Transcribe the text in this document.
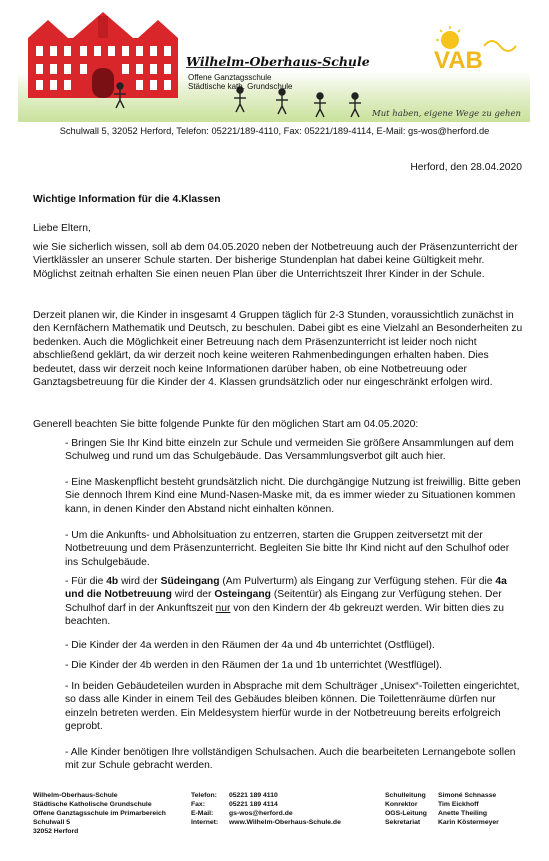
Wilhelm-Oberhaus-Schule
Offene Ganztagsschule
Städtische kath. Grundschule
VAB
Mut haben, eigene Wege zu gehen
Schulwall 5, 32052 Herford, Telefon: 05221/189-4110, Fax: 05221/189-4114, E-Mail: gs-wos@herford.de
Herford, den 28.04.2020
Wichtige Information für die 4.Klassen
Liebe Eltern,
wie Sie sicherlich wissen, soll ab dem 04.05.2020 neben der Notbetreuung auch der Präsenzunterricht der Viertklässler an unserer Schule starten. Der bisherige Stundenplan hat dabei keine Gültigkeit mehr. Möglichst zeitnah erhalten Sie einen neuen Plan über die Unterrichtszeit Ihrer Kinder in der Schule.
Derzeit planen wir, die Kinder in insgesamt 4 Gruppen täglich für 2-3 Stunden, voraussichtlich zunächst in den Kernfächern Mathematik und Deutsch, zu beschulen. Dabei gibt es eine Vielzahl an Besonderheiten zu bedenken. Auch die Möglichkeit einer Betreuung nach dem Präsenzunterricht ist leider noch nicht abschließend geklärt, da wir derzeit noch keine weiteren Rahmenbedingungen erhalten haben. Dies bedeutet, dass wir derzeit noch keine Informationen darüber haben, ob eine Notbetreuung oder Ganztagsbetreuung für die Kinder der 4. Klassen grundsätzlich oder nur eingeschränkt erfolgen wird.
Generell beachten Sie bitte folgende Punkte für den möglichen Start am 04.05.2020:
- Bringen Sie Ihr Kind bitte einzeln zur Schule und vermeiden Sie größere Ansammlungen auf dem Schulweg und rund um das Schulgebäude. Das Versammlungsverbot gilt auch hier.
- Eine Maskenpflicht besteht grundsätzlich nicht. Die durchgängige Nutzung ist freiwillig. Bitte geben Sie dennoch Ihrem Kind eine Mund-Nasen-Maske mit, da es immer wieder zu Situationen kommen kann, in denen Kinder den Abstand nicht einhalten können.
- Um die Ankunfts- und Abholsituation zu entzerren, starten die Gruppen zeitversetzt mit der Notbetreuung und dem Präsenzunterricht. Begleiten Sie bitte Ihr Kind nicht auf den Schulhof oder ins Schulgebäude.
- Für die 4b wird der Südeingang (Am Pulverturm) als Eingang zur Verfügung stehen. Für die 4a und die Notbetreuung wird der Osteingang (Seitentür) als Eingang zur Verfügung stehen. Der Schulhof darf in der Ankunftszeit nur von den Kindern der 4b gekreuzt werden. Wir bitten dies zu beachten.
- Die Kinder der 4a werden in den Räumen der 4a und 4b unterrichtet (Ostflügel).
- Die Kinder der 4b werden in den Räumen der 1a und 1b unterrichtet (Westflügel).
- In beiden Gebäudeteilen wurden in Absprache mit dem Schulträger „Unisex“-Toiletten eingerichtet, so dass alle Kinder in einem Teil des Gebäudes bleiben können. Die Toilettenräume dürfen nur einzeln betreten werden. Ein Meldesystem hierfür wurde in der Notbetreuung bereits erfolgreich geprobt.
- Alle Kinder benötigen Ihre vollständigen Schulsachen. Auch die bearbeiteten Lernangebote sollen mit zur Schule gebracht werden.
Wilhelm-Oberhaus-Schule
Städtische Katholische Grundschule
Offene Ganztagsschule im Primarbereich
Schulwall 5
32052 Herford
Telefon:
Fax:
E-Mail:
Internet:
05221 189 4110
05221 189 4114
gs-wos@herford.de
www.Wilhelm-Oberhaus-Schule.de
Schulleitung
Konrektor
OGS-Leitung
Sekretariat
Simoné Schnasse
Tim Eickhoff
Anette Theiling
Karin Köstermeyer
